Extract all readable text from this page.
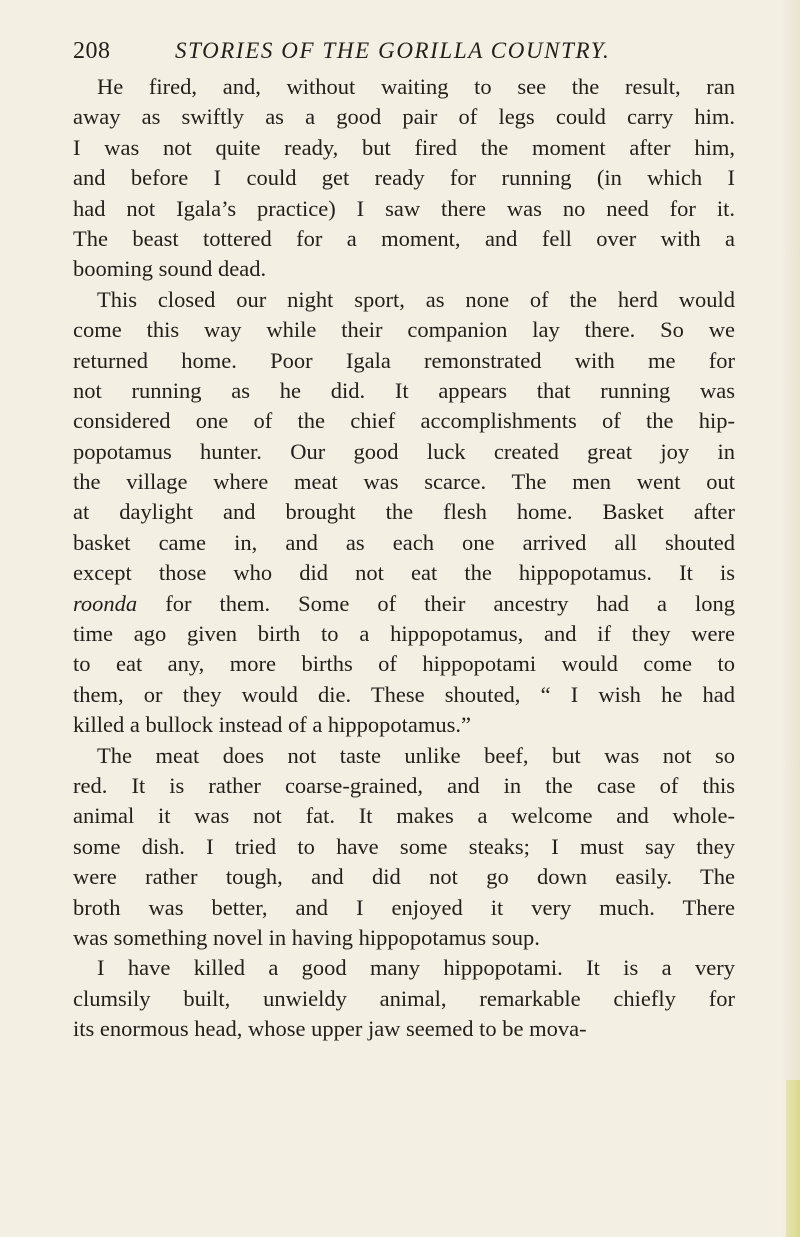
208	STORIES OF THE GORILLA COUNTRY.
He fired, and, without waiting to see the result, ran
away as swiftly as a good pair of legs could carry him.
I was not quite ready, but fired the moment after him,
and before I could get ready for running (in which I
had not Igala’s practice) I saw there was no need for it.
The beast tottered for a moment, and fell over with a
booming sound dead.
This closed our night sport, as none of the herd would
come this way while their companion lay there. So we
returned home. Poor Igala remonstrated with me for
not running as he did. It appears that running was
considered one of the chief accomplishments of the hip-
popotamus hunter. Our good luck created great joy in
the village where meat was scarce. The men went out
at daylight and brought the flesh home. Basket after
basket came in, and as each one arrived all shouted
except those who did not eat the hippopotamus. It is
roonda for them. Some of their ancestry had a long
time ago given birth to a hippopotamus, and if they were
to eat any, more births of hippopotami would come to
them, or they would die. These shouted, “ I wish he had
killed a bullock instead of a hippopotamus.”
The meat does not taste unlike beef, but was not so
red. It is rather coarse-grained, and in the case of this
animal it was not fat. It makes a welcome and whole-
some dish. I tried to have some steaks; I must say they
were rather tough, and did not go down easily. The
broth was better, and I enjoyed it very much. There
was something novel in having hippopotamus soup.
I have killed a good many hippopotami. It is a very
clumsily built, unwieldy animal, remarkable chiefly for
its enormous head, whose upper jaw seemed to be mova-
